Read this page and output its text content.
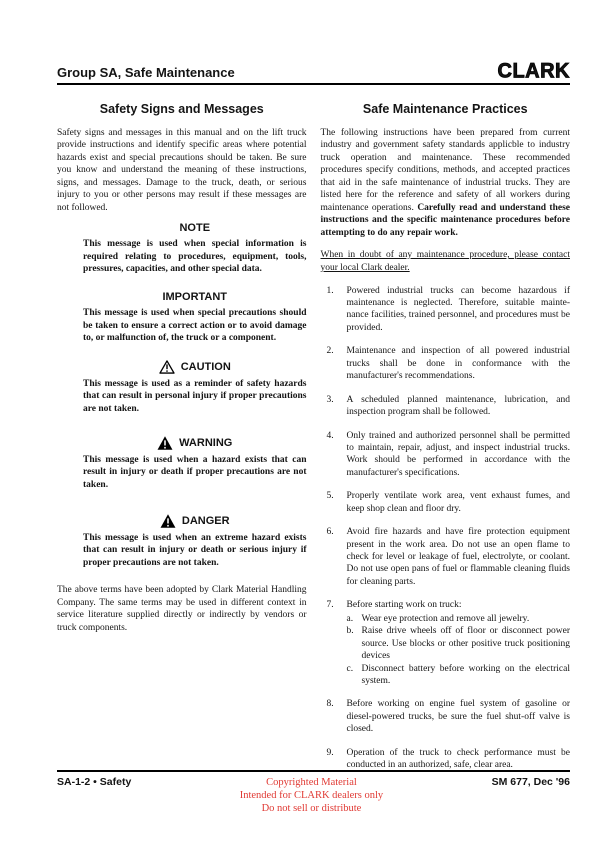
Group SA, Safe Maintenance	CLARK
Safety Signs and Messages

Safety signs and messages in this manual and on the lift truck provide instructions and identify specific areas where potential hazards exist and special precautions should be taken. Be sure you know and understand the meaning of these instructions, signs, and messages. Damage to the truck, death, or serious injury to you or other persons may result if these messages are not followed.

NOTE
This message is used when special information is required relating to procedures, equipment, tools, pressures, capacities, and other special data.
IMPORTANT
This message is used when special precautions should be taken to ensure a correct action or to avoid damage to, or malfunction of, the truck or a component.
CAUTION
This message is used as a reminder of safety hazards that can result in personal injury if proper precautions are not taken.
WARNING
This message is used when a hazard exists that can result in injury or death if proper precautions are not taken.
DANGER
This message is used when an extreme hazard exists that can result in injury or death or serious injury if proper precautions are not taken.

The above terms have been adopted by Clark Material Handling Company. The same terms may be used in different context in service literature supplied directly or indirectly by vendors or truck components.

Safe Maintenance Practices

The following instructions have been prepared from current industry and government safety standards applicble to industry truck operation and maintenance. These recommended procedures specify conditions, methods, and accepted practices that aid in the safe maintenance of industrial trucks. They are listed here for the reference and safety of all workers during maintenance operations. Carefully read and understand these instructions and the specific maintenance procedures before attempting to do any repair work.

When in doubt of any maintenance procedure, please contact your local Clark dealer.

1.	Powered industrial trucks can become hazardous if maintenance is neglected. Therefore, suitable mainte-nance facilities, trained personnel, and procedures must be provided.
2.	Maintenance and inspection of all powered industrial trucks shall be done in conformance with the manufacturer's recommendations.
3.	A scheduled planned maintenance, lubrication, and inspection program shall be followed.
4.	Only trained and authorized personnel shall be permitted to maintain, repair, adjust, and inspect industrial trucks. Work should be performed in accordance with the manufacturer's specifications.
5.	Properly ventilate work area, vent exhaust fumes, and keep shop clean and floor dry.
6.	Avoid fire hazards and have fire protection equipment present in the work area. Do not use an open flame to check for level or leakage of fuel, electrolyte, or coolant. Do not use open pans of fuel or flammable cleaning fluids for cleaning parts.
7.	Before starting work on truck:
a. Wear eye protection and remove all jewelry.
b. Raise drive wheels off of floor or disconnect power source. Use blocks or other positive truck positioning devices
c. Disconnect battery before working on the electrical system.
8.	Before working on engine fuel system of gasoline or diesel-powered trucks, be sure the fuel shut-off valve is closed.
9.	Operation of the truck to check performance must be conducted in an authorized, safe, clear area.
SA-1-2 • Safety	Copyrighted Material
Intended for CLARK dealers only
Do not sell or distribute
SM 677, Dec '96
